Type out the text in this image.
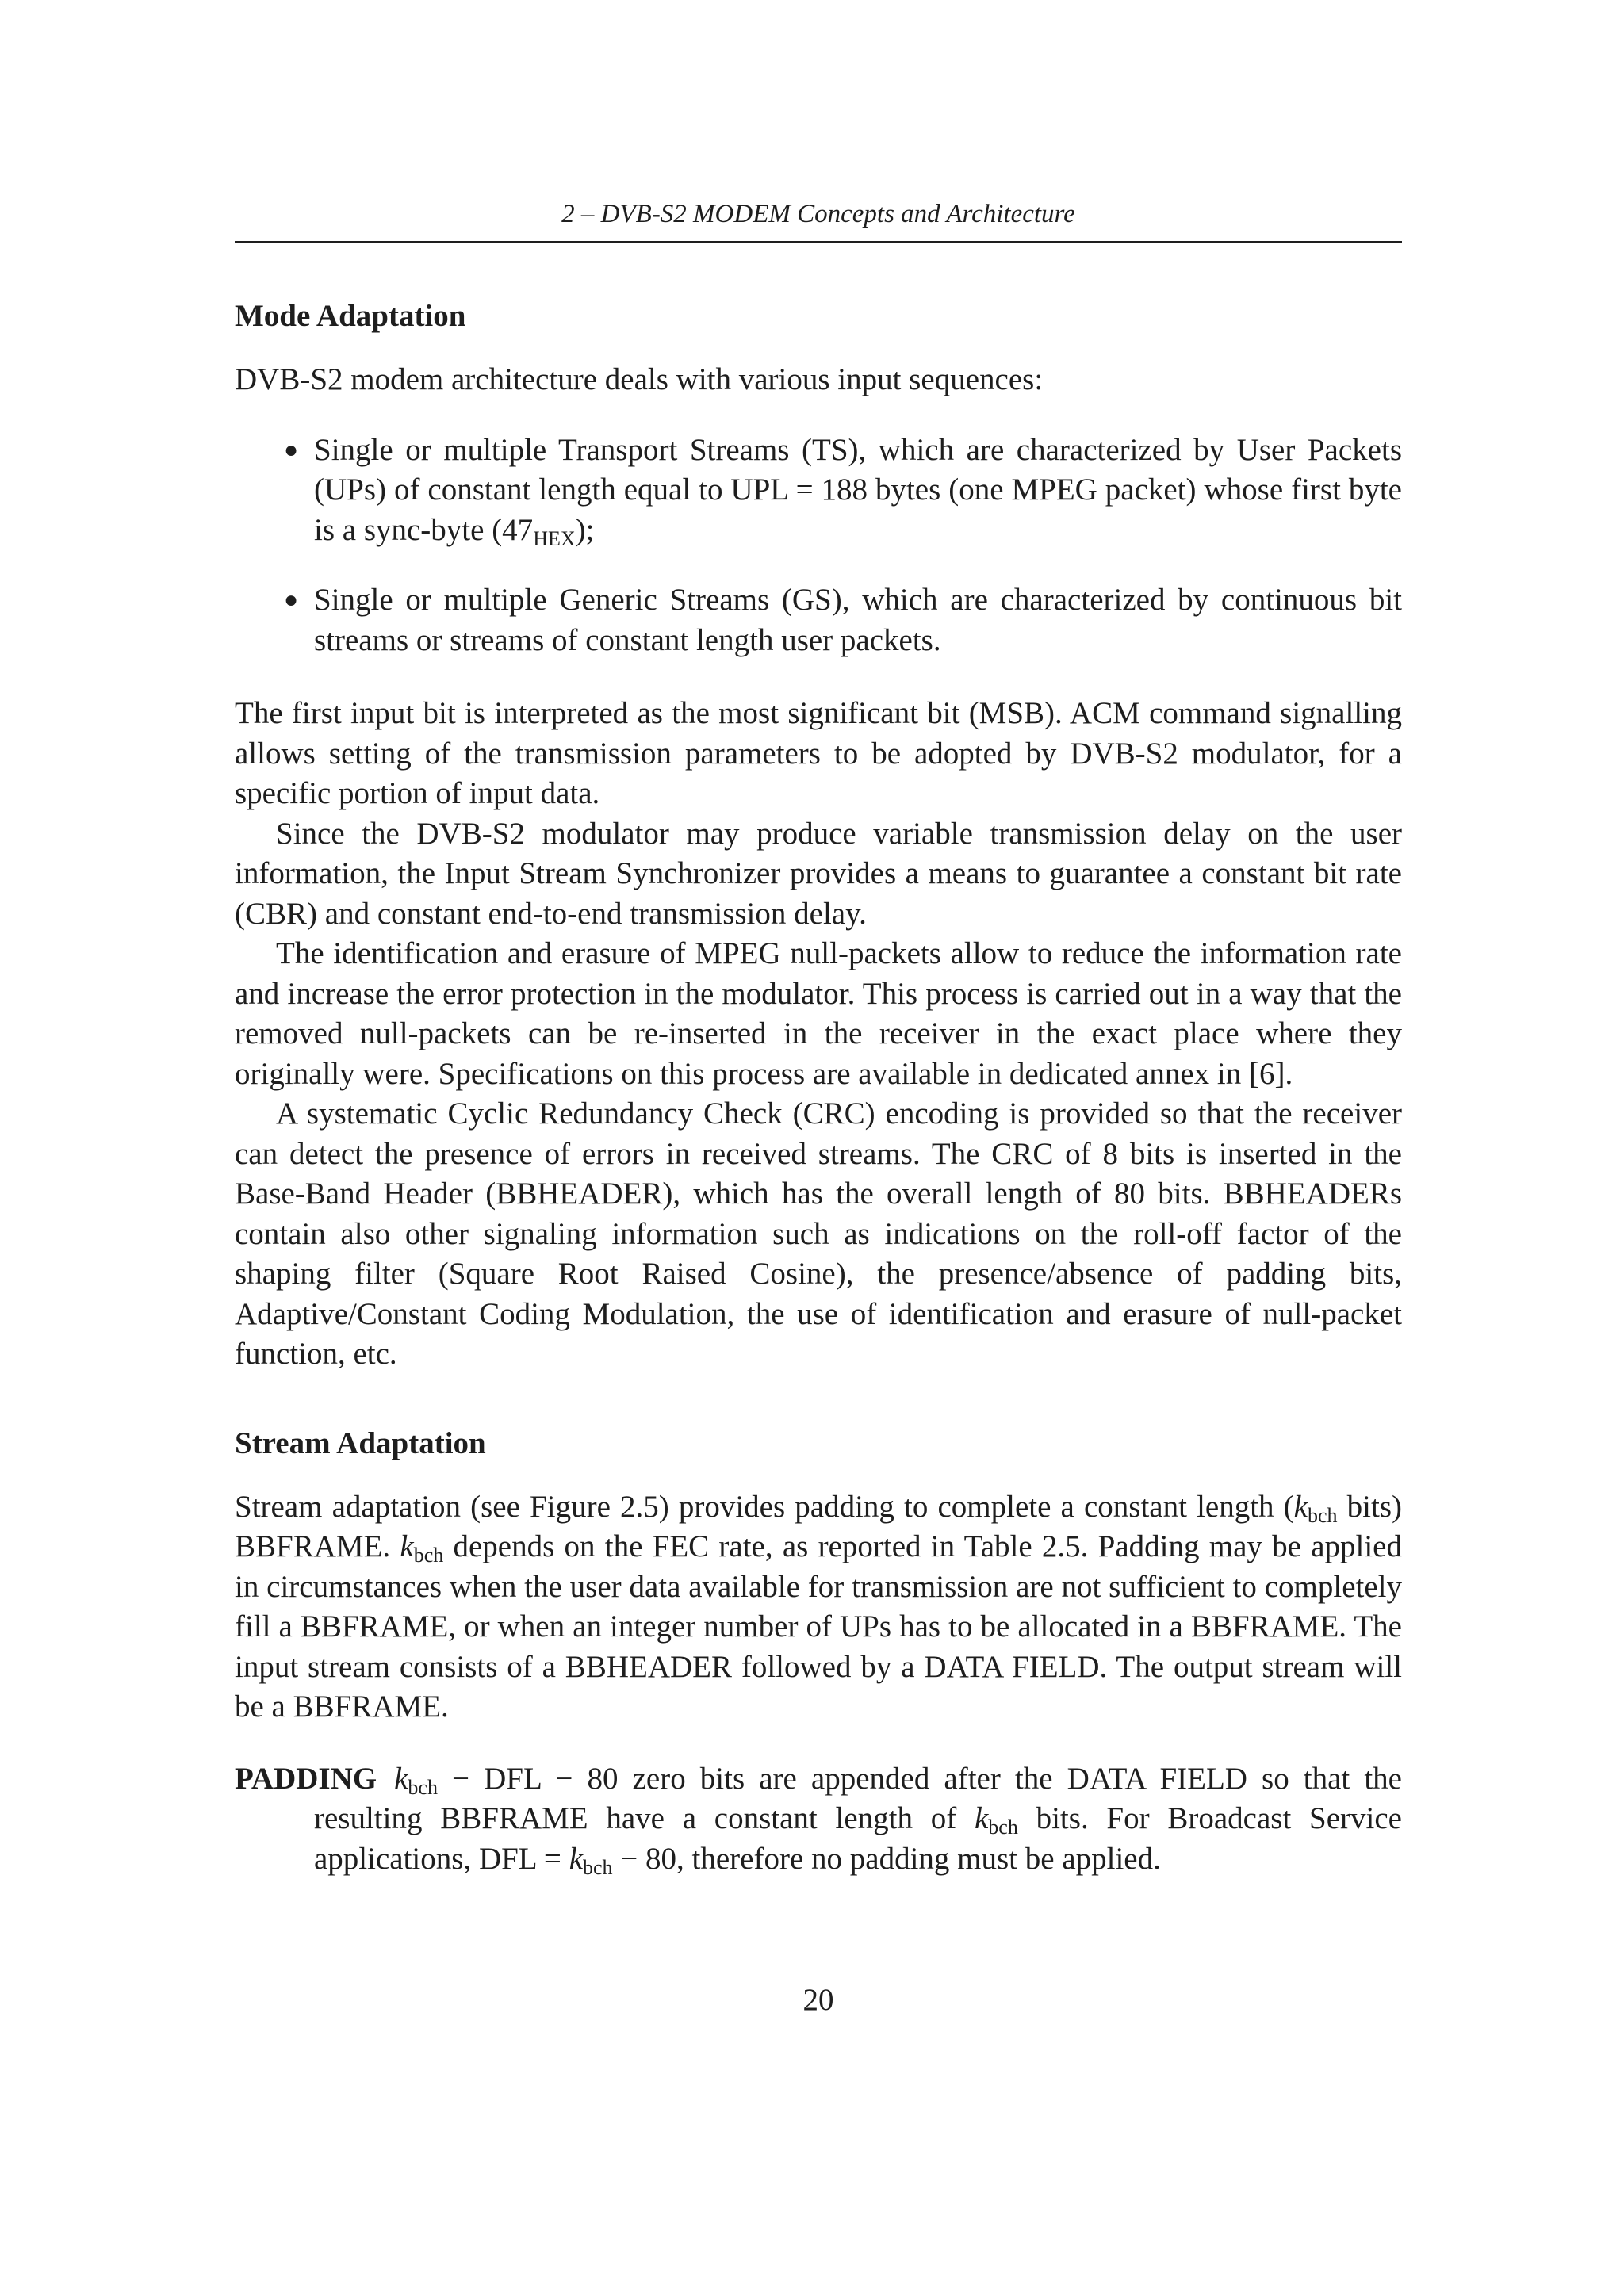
2 – DVB-S2 MODEM Concepts and Architecture
Mode Adaptation

DVB-S2 modem architecture deals with various input sequences:

● Single or multiple Transport Streams (TS), which are characterized by User Packets (UPs) of constant length equal to UPL = 188 bytes (one MPEG packet) whose first byte is a sync-byte $(47_{HEX})$;
● Single or multiple Generic Streams (GS), which are characterized by continuous bit streams or streams of constant length user packets.

The first input bit is interpreted as the most significant bit (MSB). ACM command signalling allows setting of the transmission parameters to be adopted by DVB-S2 modulator, for a specific portion of input data.

Since the DVB-S2 modulator may produce variable transmission delay on the user information, the Input Stream Synchronizer provides a means to guarantee a constant bit rate (CBR) and constant end-to-end transmission delay.

The identification and erasure of MPEG null-packets allow to reduce the information rate and increase the error protection in the modulator. This process is carried out in a way that the removed null-packets can be re-inserted in the receiver in the exact place where they originally were. Specifications on this process are available in dedicated annex in [6].

A systematic Cyclic Redundancy Check (CRC) encoding is provided so that the receiver can detect the presence of errors in received streams. The CRC of 8 bits is inserted in the Base-Band Header (BBHEADER), which has the overall length of 80 bits. BBHEADERs contain also other signaling information such as indications on the roll-off factor of the shaping filter (Square Root Raised Cosine), the presence/absence of padding bits, Adaptive/Constant Coding Modulation, the use of identification and erasure of null-packet function, etc.

Stream Adaptation

Stream adaptation (see Figure 2.5) provides padding to complete a constant length ($k_{bch}$ bits) BBFRAME. $k_{bch}$ depends on the FEC rate, as reported in Table 2.5. Padding may be applied in circumstances when the user data available for transmission are not sufficient to completely fill a BBFRAME, or when an integer number of UPs has to be allocated in a BBFRAME. The input stream consists of a BBHEADER followed by a DATA FIELD. The output stream will be a BBFRAME.

PADDING $k_{bch}$ − DFL − 80 zero bits are appended after the DATA FIELD so that the resulting BBFRAME have a constant length of $k_{bch}$ bits. For Broadcast Service applications, DFL = $k_{bch} - 80$, therefore no padding must be applied.
20
